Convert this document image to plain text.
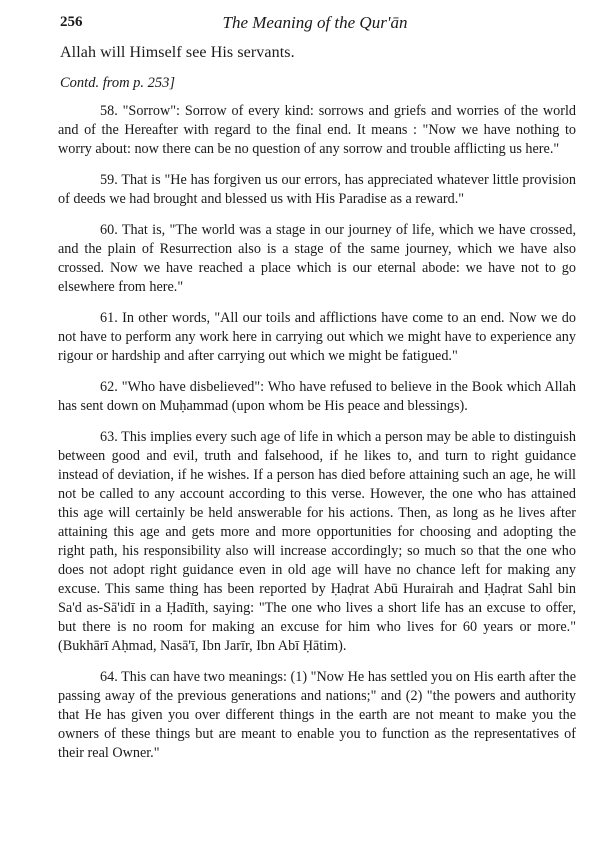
256	The Meaning of the Qur'ān
Allah will Himself see His servants.
Contd. from p. 253]

58. "Sorrow": Sorrow of every kind: sorrows and griefs and worries of the world and of the Hereafter with regard to the final end. It means : "Now we have nothing to worry about: now there can be no question of any sorrow and trouble afflicting us here."

59. That is "He has forgiven us our errors, has appreciated whatever little provision of deeds we had brought and blessed us with His Paradise as a reward."

60. That is, "The world was a stage in our journey of life, which we have crossed, and the plain of Resurrection also is a stage of the same journey, which we have also crossed. Now we have reached a place which is our eternal abode: we have not to go elsewhere from here."

61. In other words, "All our toils and afflictions have come to an end. Now we do not have to perform any work here in carrying out which we might have to experience any rigour or hardship and after carrying out which we might be fatigued."

62. "Who have disbelieved": Who have refused to believe in the Book which Allah has sent down on Muḥammad (upon whom be His peace and blessings).

63. This implies every such age of life in which a person may be able to distinguish between good and evil, truth and falsehood, if he likes to, and turn to right guidance instead of deviation, if he wishes. If a person has died before attaining such an age, he will not be called to any account according to this verse. However, the one who has attained this age will certainly be held answerable for his actions. Then, as long as he lives after attaining this age and gets more and more opportunities for choosing and adopting the right path, his responsibility also will increase accordingly; so much so that the one who does not adopt right guidance even in old age will have no chance left for making any excuse. This same thing has been reported by Ḥaḍrat Abū Hurairah and Ḥaḍrat Sahl bin Sa'd as-Sā'idī in a Ḥadīth, saying: "The one who lives a short life has an excuse to offer, but there is no room for making an excuse for him who lives for 60 years or more." (Bukhārī Aḥmad, Nasā'ī, Ibn Jarīr, Ibn Abī Ḥātim).

64. This can have two meanings: (1) "Now He has settled you on His earth after the passing away of the previous generations and nations;" and (2) "the powers and authority that He has given you over different things in the earth are not meant to make you the owners of these things but are meant to enable you to function as the representatives of their real Owner."
